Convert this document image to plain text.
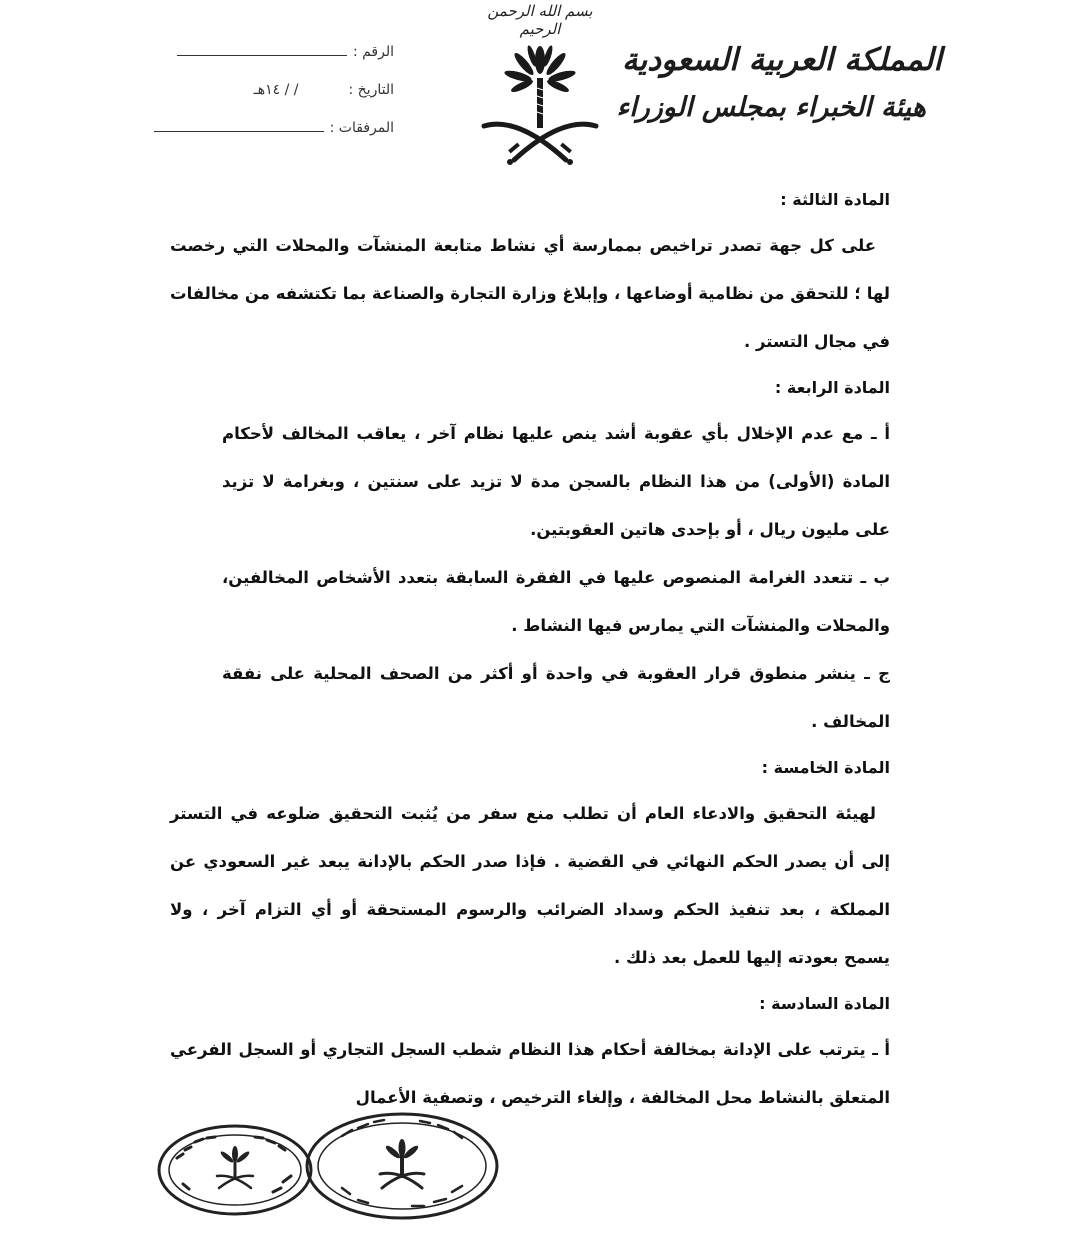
بسم الله الرحمن الرحيم
المملكة العربية السعودية
هيئة الخبراء بمجلس الوزراء
الرقم :
التاريخ :
/ / ١٤هـ
المرفقات :

المادة الثالثة :

على كل جهة تصدر تراخيص بممارسة أي نشاط متابعة المنشآت والمحلات التي رخصت لها ؛ للتحقق من نظامية أوضاعها ، وإبلاغ وزارة التجارة والصناعة بما تكتشفه من مخالفات في مجال التستر .

المادة الرابعة :

أ ـ مع عدم الإخلال بأي عقوبة أشد ينص عليها نظام آخر ، يعاقب المخالف لأحكام المادة (الأولى) من هذا النظام بالسجن مدة لا تزيد على سنتين ، وبغرامة لا تزيد على مليون ريال ، أو بإحدى هاتين العقوبتين.

ب ـ تتعدد الغرامة المنصوص عليها في الفقرة السابقة بتعدد الأشخاص المخالفين، والمحلات والمنشآت التي يمارس فيها النشاط .

ج ـ ينشر منطوق قرار العقوبة في واحدة أو أكثر من الصحف المحلية على نفقة المخالف .

المادة الخامسة :

لهيئة التحقيق والادعاء العام أن تطلب منع سفر من يُثبت التحقيق ضلوعه في التستر إلى أن يصدر الحكم النهائي في القضية . فإذا صدر الحكم بالإدانة يبعد غير السعودي عن المملكة ، بعد تنفيذ الحكم وسداد الضرائب والرسوم المستحقة أو أي التزام آخر ، ولا يسمح بعودته إليها للعمل بعد ذلك .

المادة السادسة :

أ ـ يترتب على الإدانة بمخالفة أحكام هذا النظام شطب السجل التجاري أو السجل الفرعي المتعلق بالنشاط محل المخالفة ، وإلغاء الترخيص ، وتصفية الأعمال
